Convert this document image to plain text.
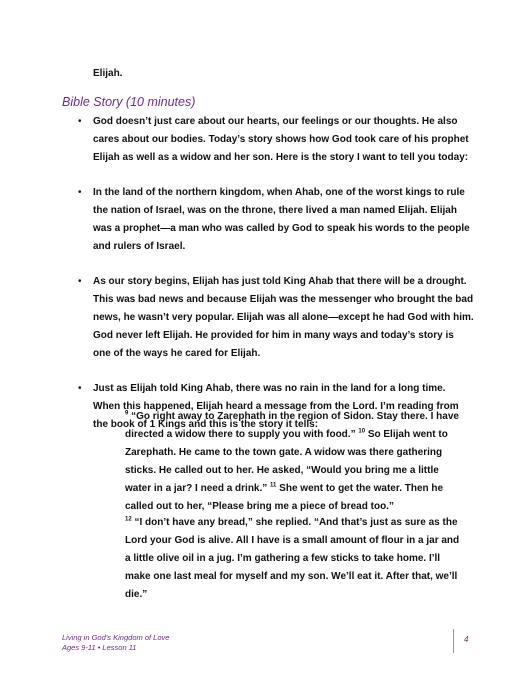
Elijah.
Bible Story (10 minutes)
• God doesn’t just care about our hearts, our feelings or our thoughts. He also cares about our bodies. Today’s story shows how God took care of his prophet Elijah as well as a widow and her son. Here is the story I want to tell you today:
• In the land of the northern kingdom, when Ahab, one of the worst kings to rule the nation of Israel, was on the throne, there lived a man named Elijah. Elijah was a prophet—a man who was called by God to speak his words to the people and rulers of Israel.
• As our story begins, Elijah has just told King Ahab that there will be a drought. This was bad news and because Elijah was the messenger who brought the bad news, he wasn’t very popular. Elijah was all alone—except he had God with him. God never left Elijah. He provided for him in many ways and today’s story is one of the ways he cared for Elijah.
• Just as Elijah told King Ahab, there was no rain in the land for a long time. When this happened, Elijah heard a message from the Lord. I’m reading from the book of 1 Kings and this is the story it tells:
$^9$ “Go right away to Zarephath in the region of Sidon. Stay there. I have directed a widow there to supply you with food.” $^{10}$ So Elijah went to Zarephath. He came to the town gate. A widow was there gathering sticks. He called out to her. He asked, “Would you bring me a little water in a jar? I need a drink.” $^{11}$ She went to get the water. Then he called out to her, “Please bring me a piece of bread too.”
$^{12}$ “I don’t have any bread,” she replied. “And that’s just as sure as the Lord your God is alive. All I have is a small amount of flour in a jar and a little olive oil in a jug. I’m gathering a few sticks to take home. I’ll make one last meal for myself and my son. We’ll eat it. After that, we’ll die.”
Living in God’s Kingdom of Love
Ages 9-11 • Lesson 11
4
